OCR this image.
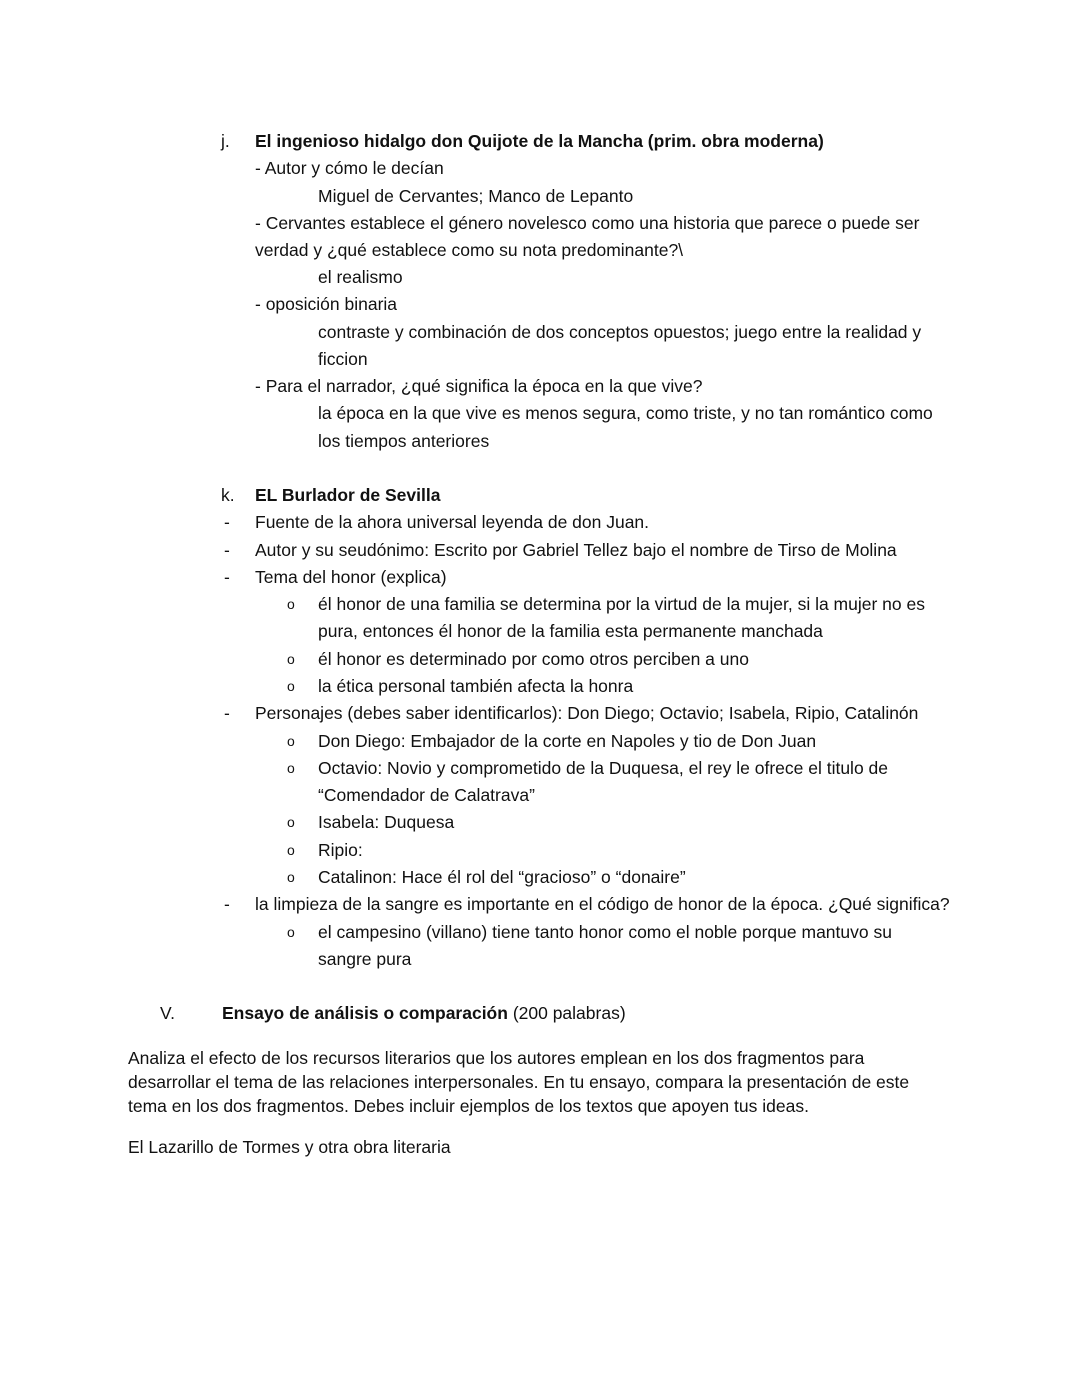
j. El ingenioso hidalgo don Quijote de la Mancha (prim. obra moderna)
- Autor y cómo le decían
Miguel de Cervantes; Manco de Lepanto
- Cervantes establece el género novelesco como una historia que parece o puede ser
verdad y ¿qué establece como su nota predominante?\
el realismo
- oposición binaria
contraste y combinación de dos conceptos opuestos; juego entre la realidad y
ficcion
- Para el narrador, ¿qué significa la época en la que vive?
la época en la que vive es menos segura, como triste, y no tan romántico como
los tiempos anteriores
k. EL Burlador de Sevilla
- Fuente de la ahora universal leyenda de don Juan.
- Autor y su seudónimo: Escrito por Gabriel Tellez bajo el nombre de Tirso de Molina
- Tema del honor (explica)
o él honor de una familia se determina por la virtud de la mujer, si la mujer no es
pura, entonces él honor de la familia esta permanente manchada
o él honor es determinado por como otros perciben a uno
o la ética personal también afecta la honra
- Personajes (debes saber identificarlos): Don Diego; Octavio; Isabela, Ripio, Catalinón
o Don Diego: Embajador de la corte en Napoles y tio de Don Juan
o Octavio: Novio y comprometido de la Duquesa, el rey le ofrece el titulo de
“Comendador de Calatrava”
o Isabela: Duquesa
o Ripio:
o Catalinon: Hace él rol del “gracioso” o “donaire”
- la limpieza de la sangre es importante en el código de honor de la época. ¿Qué significa?
o el campesino (villano) tiene tanto honor como el noble porque mantuvo su
sangre pura
V.	Ensayo de análisis o comparación (200 palabras)
Analiza el efecto de los recursos literarios que los autores emplean en los dos fragmentos para
desarrollar el tema de las relaciones interpersonales. En tu ensayo, compara la presentación de este
tema en los dos fragmentos. Debes incluir ejemplos de los textos que apoyen tus ideas.
El Lazarillo de Tormes y otra obra literaria
